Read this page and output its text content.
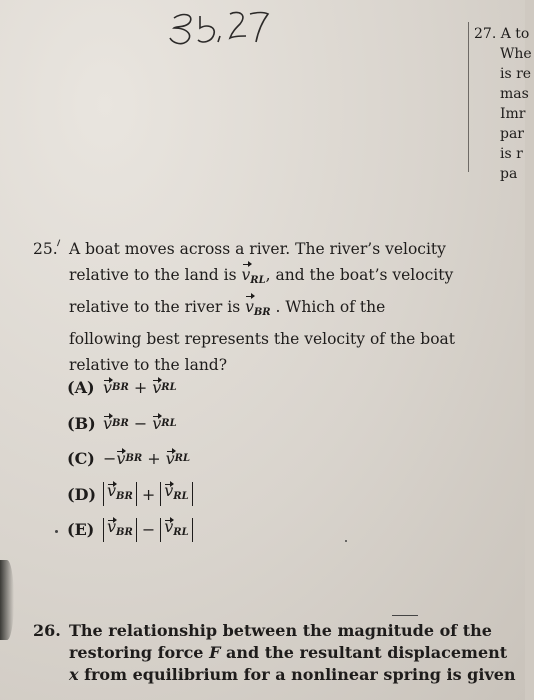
27. A to
Whe
is re
mas
Imr
par
is r
pa
25. A boat moves across a river. The river’s velocity
relative to the land is $v_{RL}$, and the boat’s velocity
relative to the river is $v_{BR}$ . Which of the
following best represents the velocity of the boat
relative to the land?
(A) v BR + v RL
(B) v BR − v RL
(C) − v BR + v RL
(D) $v_{BR} + v_{RL}$
(E) $v_{BR} - v_{RL}$
26. The relationship between the magnitude of the
restoring force F and the resultant displacement
x from equilibrium for a nonlinear spring is given
